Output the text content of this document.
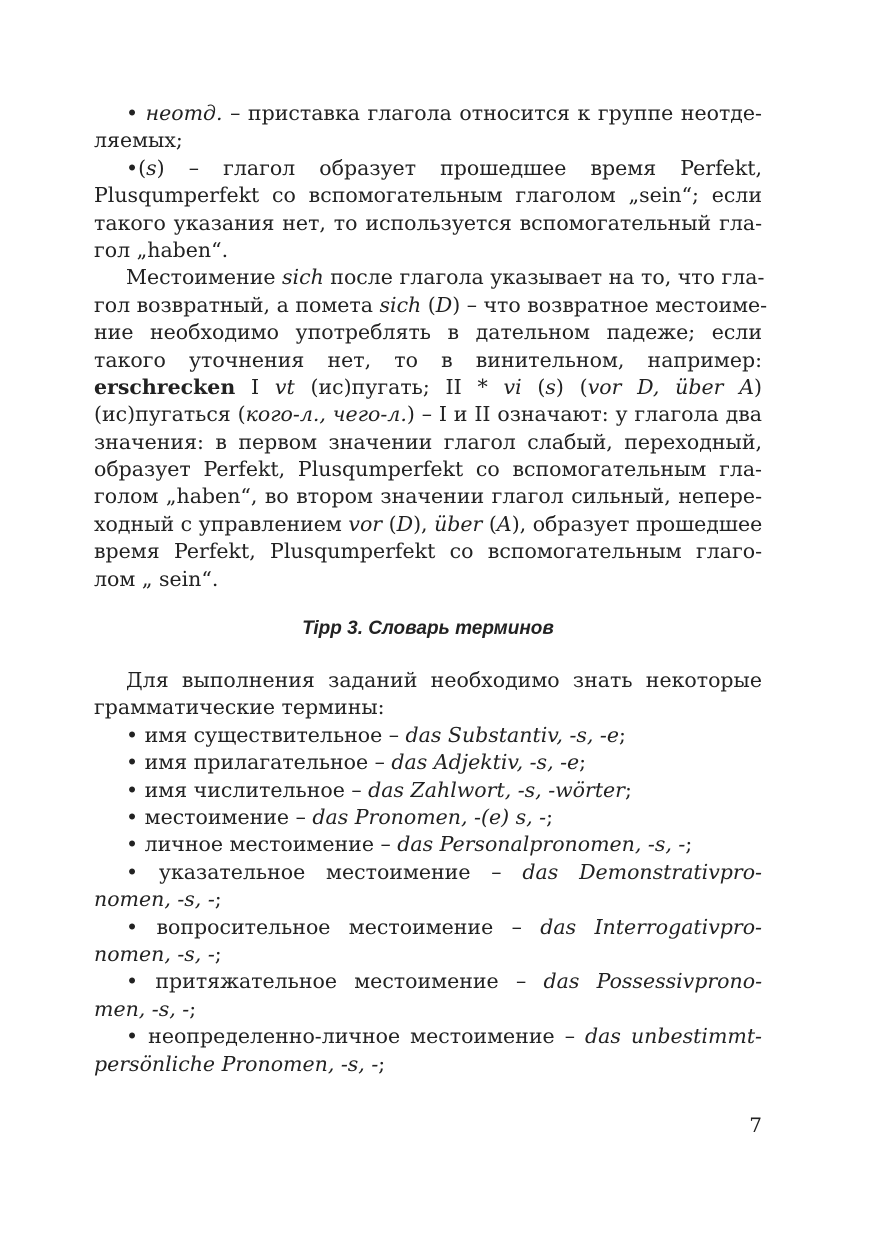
• неотд. – приставка глагола относится к группе неотде-
ляемых;
•(s) – глагол образует прошедшее время Perfekt,
Plusqumperfekt со вспомогательным глаголом „sein“; если
такого указания нет, то используется вспомогательный гла-
гол „haben“.
Местоимение sich после глагола указывает на то, что гла-
гол возвратный, а помета sich (D) – что возвратное местоиме-
ние необходимо употреблять в дательном падеже; если
такого уточнения нет, то в винительном, например:
erschrecken I vt (ис)пугать; II * vi (s) (vor D, über A)
(ис)пугаться (кого-л., чего-л.) – I и II означают: у глагола два
значения: в первом значении глагол слабый, переходный,
образует Perfekt, Plusqumperfekt со вспомогательным гла-
голом „haben“, во втором значении глагол сильный, непере-
ходный с управлением vor (D), über (A), образует прошедшее
время Perfekt, Plusqumperfekt со вспомогательным глаго-
лом „ sein“.
Tipp 3. Словарь терминов
Для выполнения заданий необходимо знать некоторые
грамматические термины:
• имя существительное – das Substantiv, -s, -e;
• имя прилагательное – das Adjektiv, -s, -e;
• имя числительное – das Zahlwort, -s, -wörter;
• местоимение – das Pronomen, -(e) s, -;
• личное местоимение – das Personalpronomen, -s, -;
• указательное местоимение – das Demonstrativpro-
nomen, -s, -;
• вопросительное местоимение – das Interrogativpro-
nomen, -s, -;
• притяжательное местоимение – das Possessivprono-
men, -s, -;
• неопределенно-личное местоимение – das unbestimmt-
persönliche Pronomen, -s, -;
7
